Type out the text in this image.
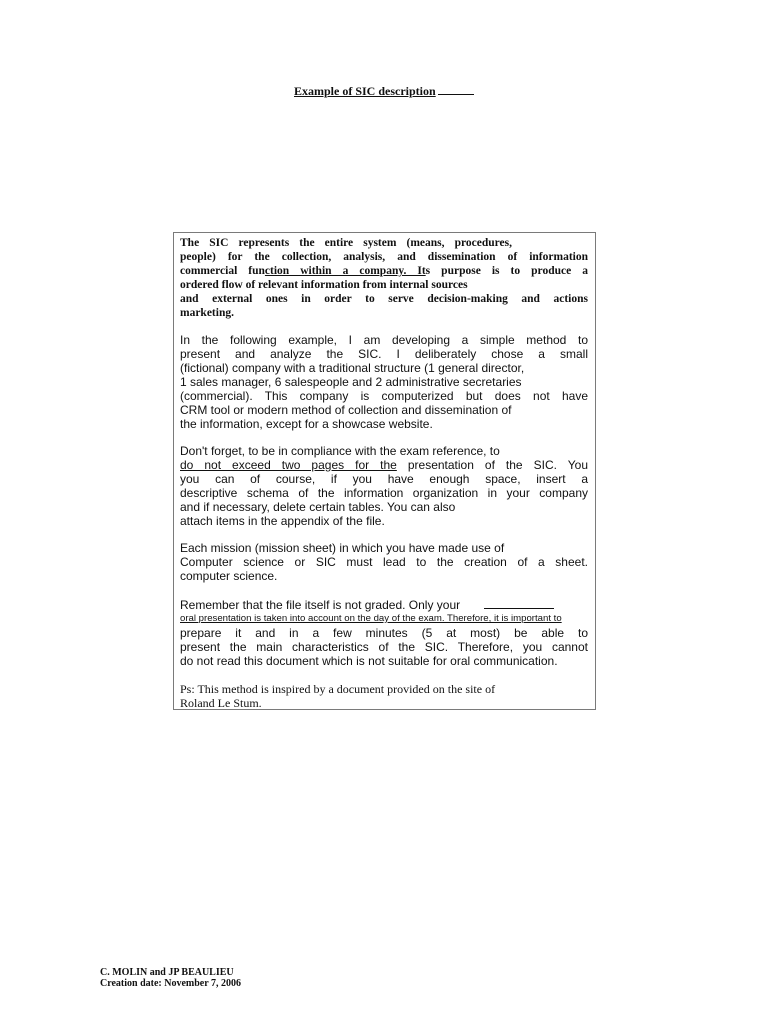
Example of SIC description
The SIC represents the entire system (means, procedures,
people) for the collection, analysis, and dissemination of information
commercial function within a company. Its purpose is to produce a
ordered flow of relevant information from internal sources
and external ones in order to serve decision-making and actions
marketing.
In the following example, I am developing a simple method to
present and analyze the SIC. I deliberately chose a small
(fictional) company with a traditional structure (1 general director,
1 sales manager, 6 salespeople and 2 administrative secretaries
(commercial). This company is computerized but does not have
CRM tool or modern method of collection and dissemination of
the information, except for a showcase website.
Don't forget, to be in compliance with the exam reference, to
do not exceed two pages for the presentation of the SIC. You
you can of course, if you have enough space, insert a
descriptive schema of the information organization in your company
and if necessary, delete certain tables. You can also
attach items in the appendix of the file.
Each mission (mission sheet) in which you have made use of
Computer science or SIC must lead to the creation of a sheet.
computer science.
Remember that the file itself is not graded. Only your
oral presentation is taken into account on the day of the exam. Therefore, it is important to
prepare it and in a few minutes (5 at most) be able to
present the main characteristics of the SIC. Therefore, you cannot
do not read this document which is not suitable for oral communication.
Ps: This method is inspired by a document provided on the site of
Roland Le Stum.
C. MOLIN and JP BEAULIEU
Creation date: November 7, 2006
